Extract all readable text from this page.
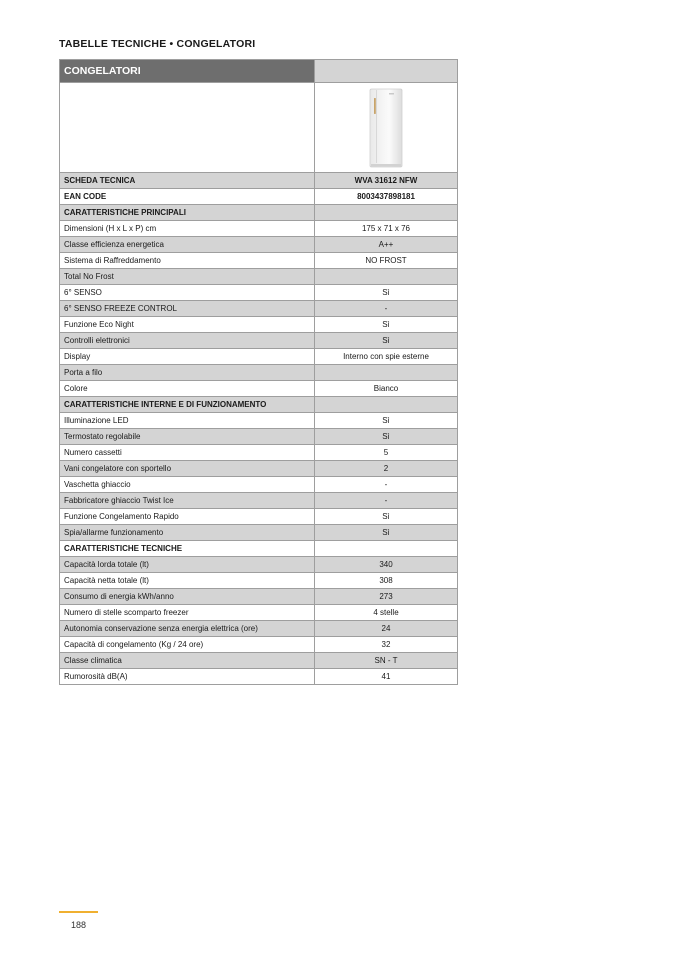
TABELLE TECNICHE • CONGELATORI
CONGELATORI	

SCHEDA TECNICA	WVA 31612 NFW
EAN CODE	8003437898181
CARATTERISTICHE PRINCIPALI	
Dimensioni (H x L x P) cm	175 x 71 x 76
Classe efficienza energetica	A++
Sistema di Raffreddamento	NO FROST
Total No Frost	
6° SENSO	Sì
6° SENSO FREEZE CONTROL	-
Funzione Eco Night	Sì
Controlli elettronici	Sì
Display	Interno con spie esterne
Porta a filo	
Colore	Bianco
CARATTERISTICHE INTERNE E DI FUNZIONAMENTO	
Illuminazione LED	Sì
Termostato regolabile	Sì
Numero cassetti	5
Vani congelatore con sportello	2
Vaschetta ghiaccio	-
Fabbricatore ghiaccio Twist Ice	-
Funzione Congelamento Rapido	Sì
Spia/allarme funzionamento	Sì
CARATTERISTICHE TECNICHE	
Capacità lorda totale (lt)	340
Capacità netta totale (lt)	308
Consumo di energia kWh/anno	273
Numero di stelle scomparto freezer	4 stelle
Autonomia conservazione senza energia elettrica (ore)	24
Capacità di congelamento (Kg / 24 ore)	32
Classe climatica	SN - T
Rumorosità dB(A)	41
188
